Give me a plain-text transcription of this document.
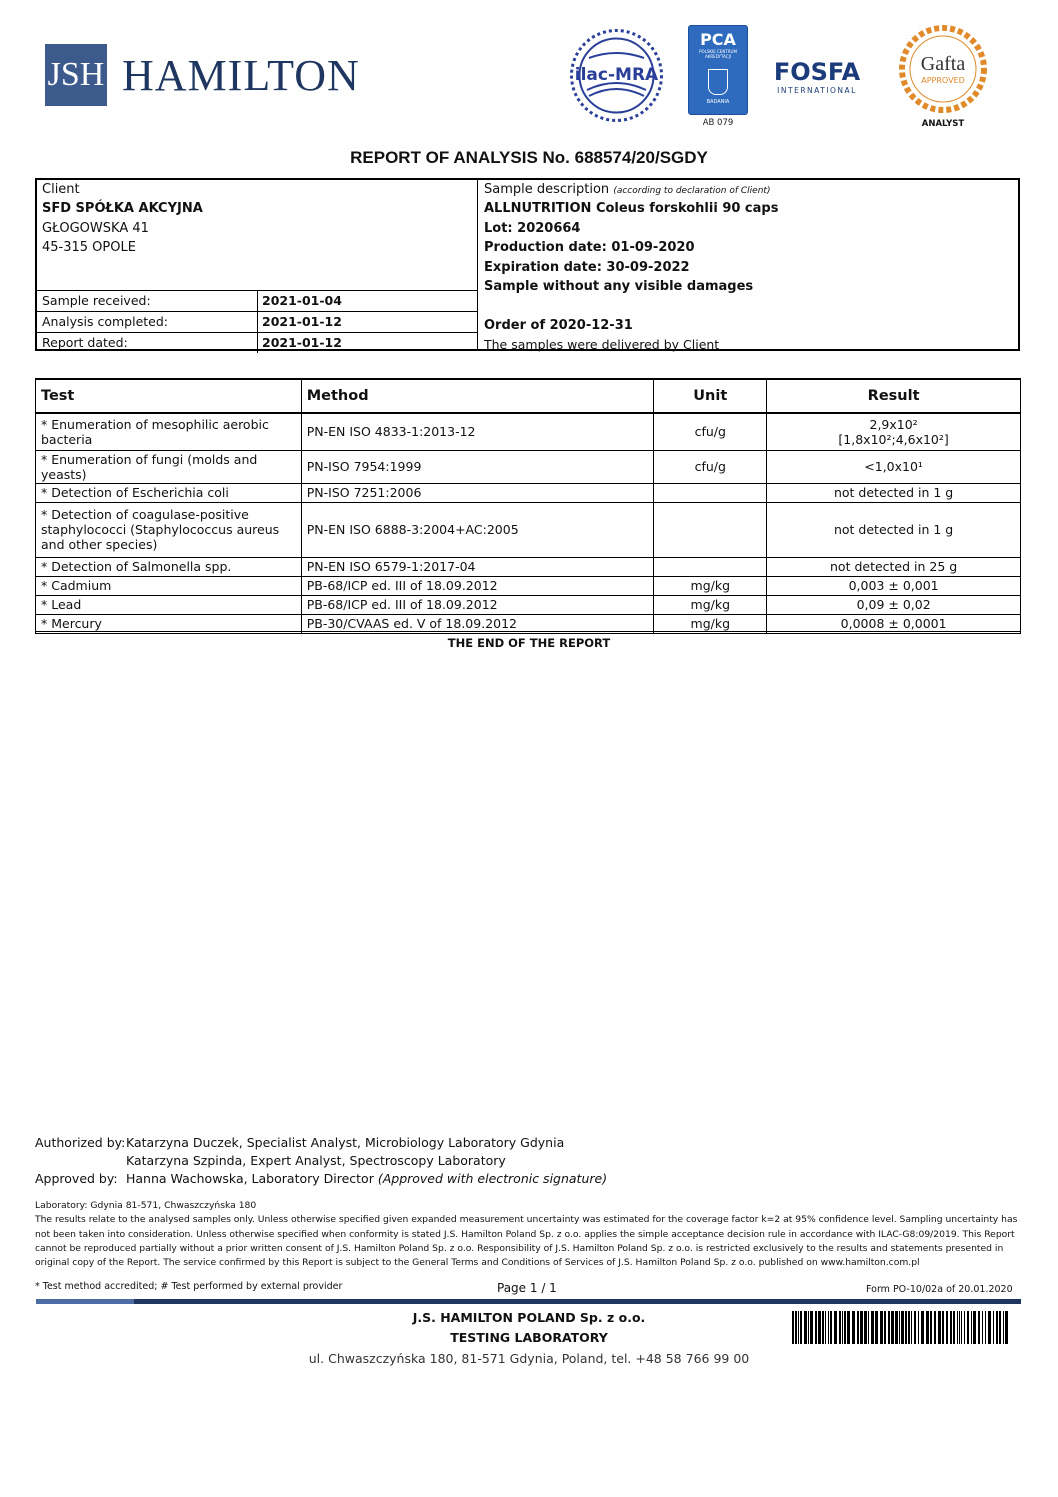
JSH HAMILTON	ilac-MRA
PCA
POLSKIE CENTRUM
AKREDYTACJI
BADANIA
AB 079
FOSFA
INTERNATIONAL
Gafta
APPROVED
ANALYST
REPORT OF ANALYSIS No. 688574/20/SGDY
Client
SFD SPÓŁKA AKCYJNA
GŁOGOWSKA 41
45-315 OPOLE
Sample received:	2021-01-04
Analysis completed:	2021-01-12
Report dated:	2021-01-12
Sample description (according to declaration of Client)
ALLNUTRITION Coleus forskohlii 90 caps
Lot: 2020664
Production date: 01-09-2020
Expiration date: 30-09-2022
Sample without any visible damages
Order of 2020-12-31
The samples were delivered by Client
Test	Method	Unit	Result
* Enumeration of mesophilic aerobic bacteria	PN-EN ISO 4833-1:2013-12	cfu/g	2,9x10²
[1,8x10²;4,6x10²]

* Enumeration of fungi (molds and yeasts)	PN-ISO 7954:1999	cfu/g	<1,0x10¹
* Detection of Escherichia coli	PN-ISO 7251:2006		not detected in 1 g
* Detection of coagulase-positive staphylococci (Staphylococcus aureus and other species)	PN-EN ISO 6888-3:2004+AC:2005		not detected in 1 g
* Detection of Salmonella spp.	PN-EN ISO 6579-1:2017-04		not detected in 25 g
* Cadmium	PB-68/ICP ed. III of 18.09.2012	mg/kg	0,003 ± 0,001
* Lead	PB-68/ICP ed. III of 18.09.2012	mg/kg	0,09 ± 0,02
* Mercury	PB-30/CVAAS ed. V of 18.09.2012	mg/kg	0,0008 ± 0,0001
THE END OF THE REPORT
Authorized by:Katarzyna Duczek, Specialist Analyst, Microbiology Laboratory Gdynia
Katarzyna Szpinda, Expert Analyst, Spectroscopy Laboratory
Approved by: Hanna Wachowska, Laboratory Director (Approved with electronic signature)
Laboratory: Gdynia 81-571, Chwaszczyńska 180
The results relate to the analysed samples only. Unless otherwise specified given expanded measurement uncertainty was estimated for the coverage factor k=2 at 95% confidence level. Sampling uncertainty has not been taken into consideration. Unless otherwise specified when conformity is stated J.S. Hamilton Poland Sp. z o.o. applies the simple acceptance decision rule in accordance with ILAC-G8:09/2019. This Report cannot be reproduced partially without a prior written consent of J.S. Hamilton Poland Sp. z o.o. Responsibility of J.S. Hamilton Poland Sp. z o.o. is restricted exclusively to the results and statements presented in original copy of the Report. The service confirmed by this Report is subject to the General Terms and Conditions of Services of J.S. Hamilton Poland Sp. z o.o. published on www.hamilton.com.pl
* Test method accredited; # Test performed by external provider	Page 1 / 1	Form PO-10/02a of 20.01.2020
J.S. HAMILTON POLAND Sp. z o.o.
TESTING LABORATORY
ul. Chwaszczyńska 180, 81-571 Gdynia, Poland, tel. +48 58 766 99 00
